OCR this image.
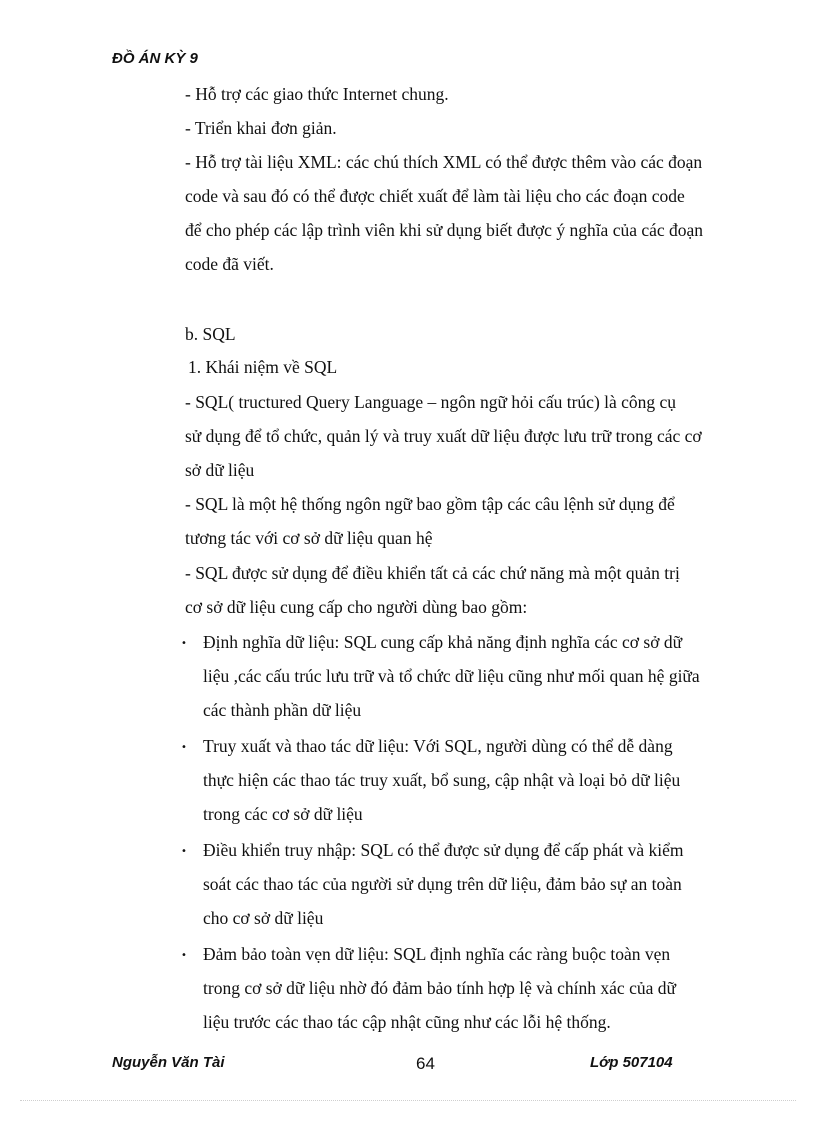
ĐỒ ÁN KỲ 9
- Hỗ trợ các giao thức Internet chung.
- Triển khai đơn giản.
- Hỗ trợ tài liệu XML: các chú thích XML có thể được thêm vào các đoạn
code và sau đó có thể được chiết xuất để làm tài liệu cho các đoạn code
để cho phép các lập trình viên khi sử dụng biết được ý nghĩa của các đoạn
code đã viết.
b. SQL
1. Khái niệm về SQL
- SQL( tructured Query Language – ngôn ngữ hỏi cấu trúc) là công cụ
sử dụng để tổ chức, quản lý và truy xuất dữ liệu được lưu trữ trong các cơ
sở dữ liệu
- SQL là một hệ thống ngôn ngữ bao gồm tập các câu lệnh sử dụng để
tương tác với cơ sở dữ liệu quan hệ
- SQL được sử dụng để điều khiển tất cả các chứ năng mà một quản trị
cơ sở dữ liệu cung cấp cho người dùng bao gồm:
• Định nghĩa dữ liệu: SQL cung cấp khả năng định nghĩa các cơ sở dữ
liệu ,các cấu trúc lưu trữ và tổ chức dữ liệu cũng như mối quan hệ giữa
các thành phần dữ liệu
• Truy xuất và thao tác dữ liệu: Với SQL, người dùng có thể dễ dàng
thực hiện các thao tác truy xuất, bổ sung, cập nhật và loại bỏ dữ liệu
trong các cơ sở dữ liệu
• Điều khiển truy nhập: SQL có thể được sử dụng để cấp phát và kiểm
soát các thao tác của người sử dụng trên dữ liệu, đảm bảo sự an toàn
cho cơ sở dữ liệu
• Đảm bảo toàn vẹn dữ liệu: SQL định nghĩa các ràng buộc toàn vẹn
trong cơ sở dữ liệu nhờ đó đảm bảo tính hợp lệ và chính xác của dữ
liệu trước các thao tác cập nhật cũng như các lỗi hệ thống.
Nguyễn Văn Tài	64	Lớp 507104
